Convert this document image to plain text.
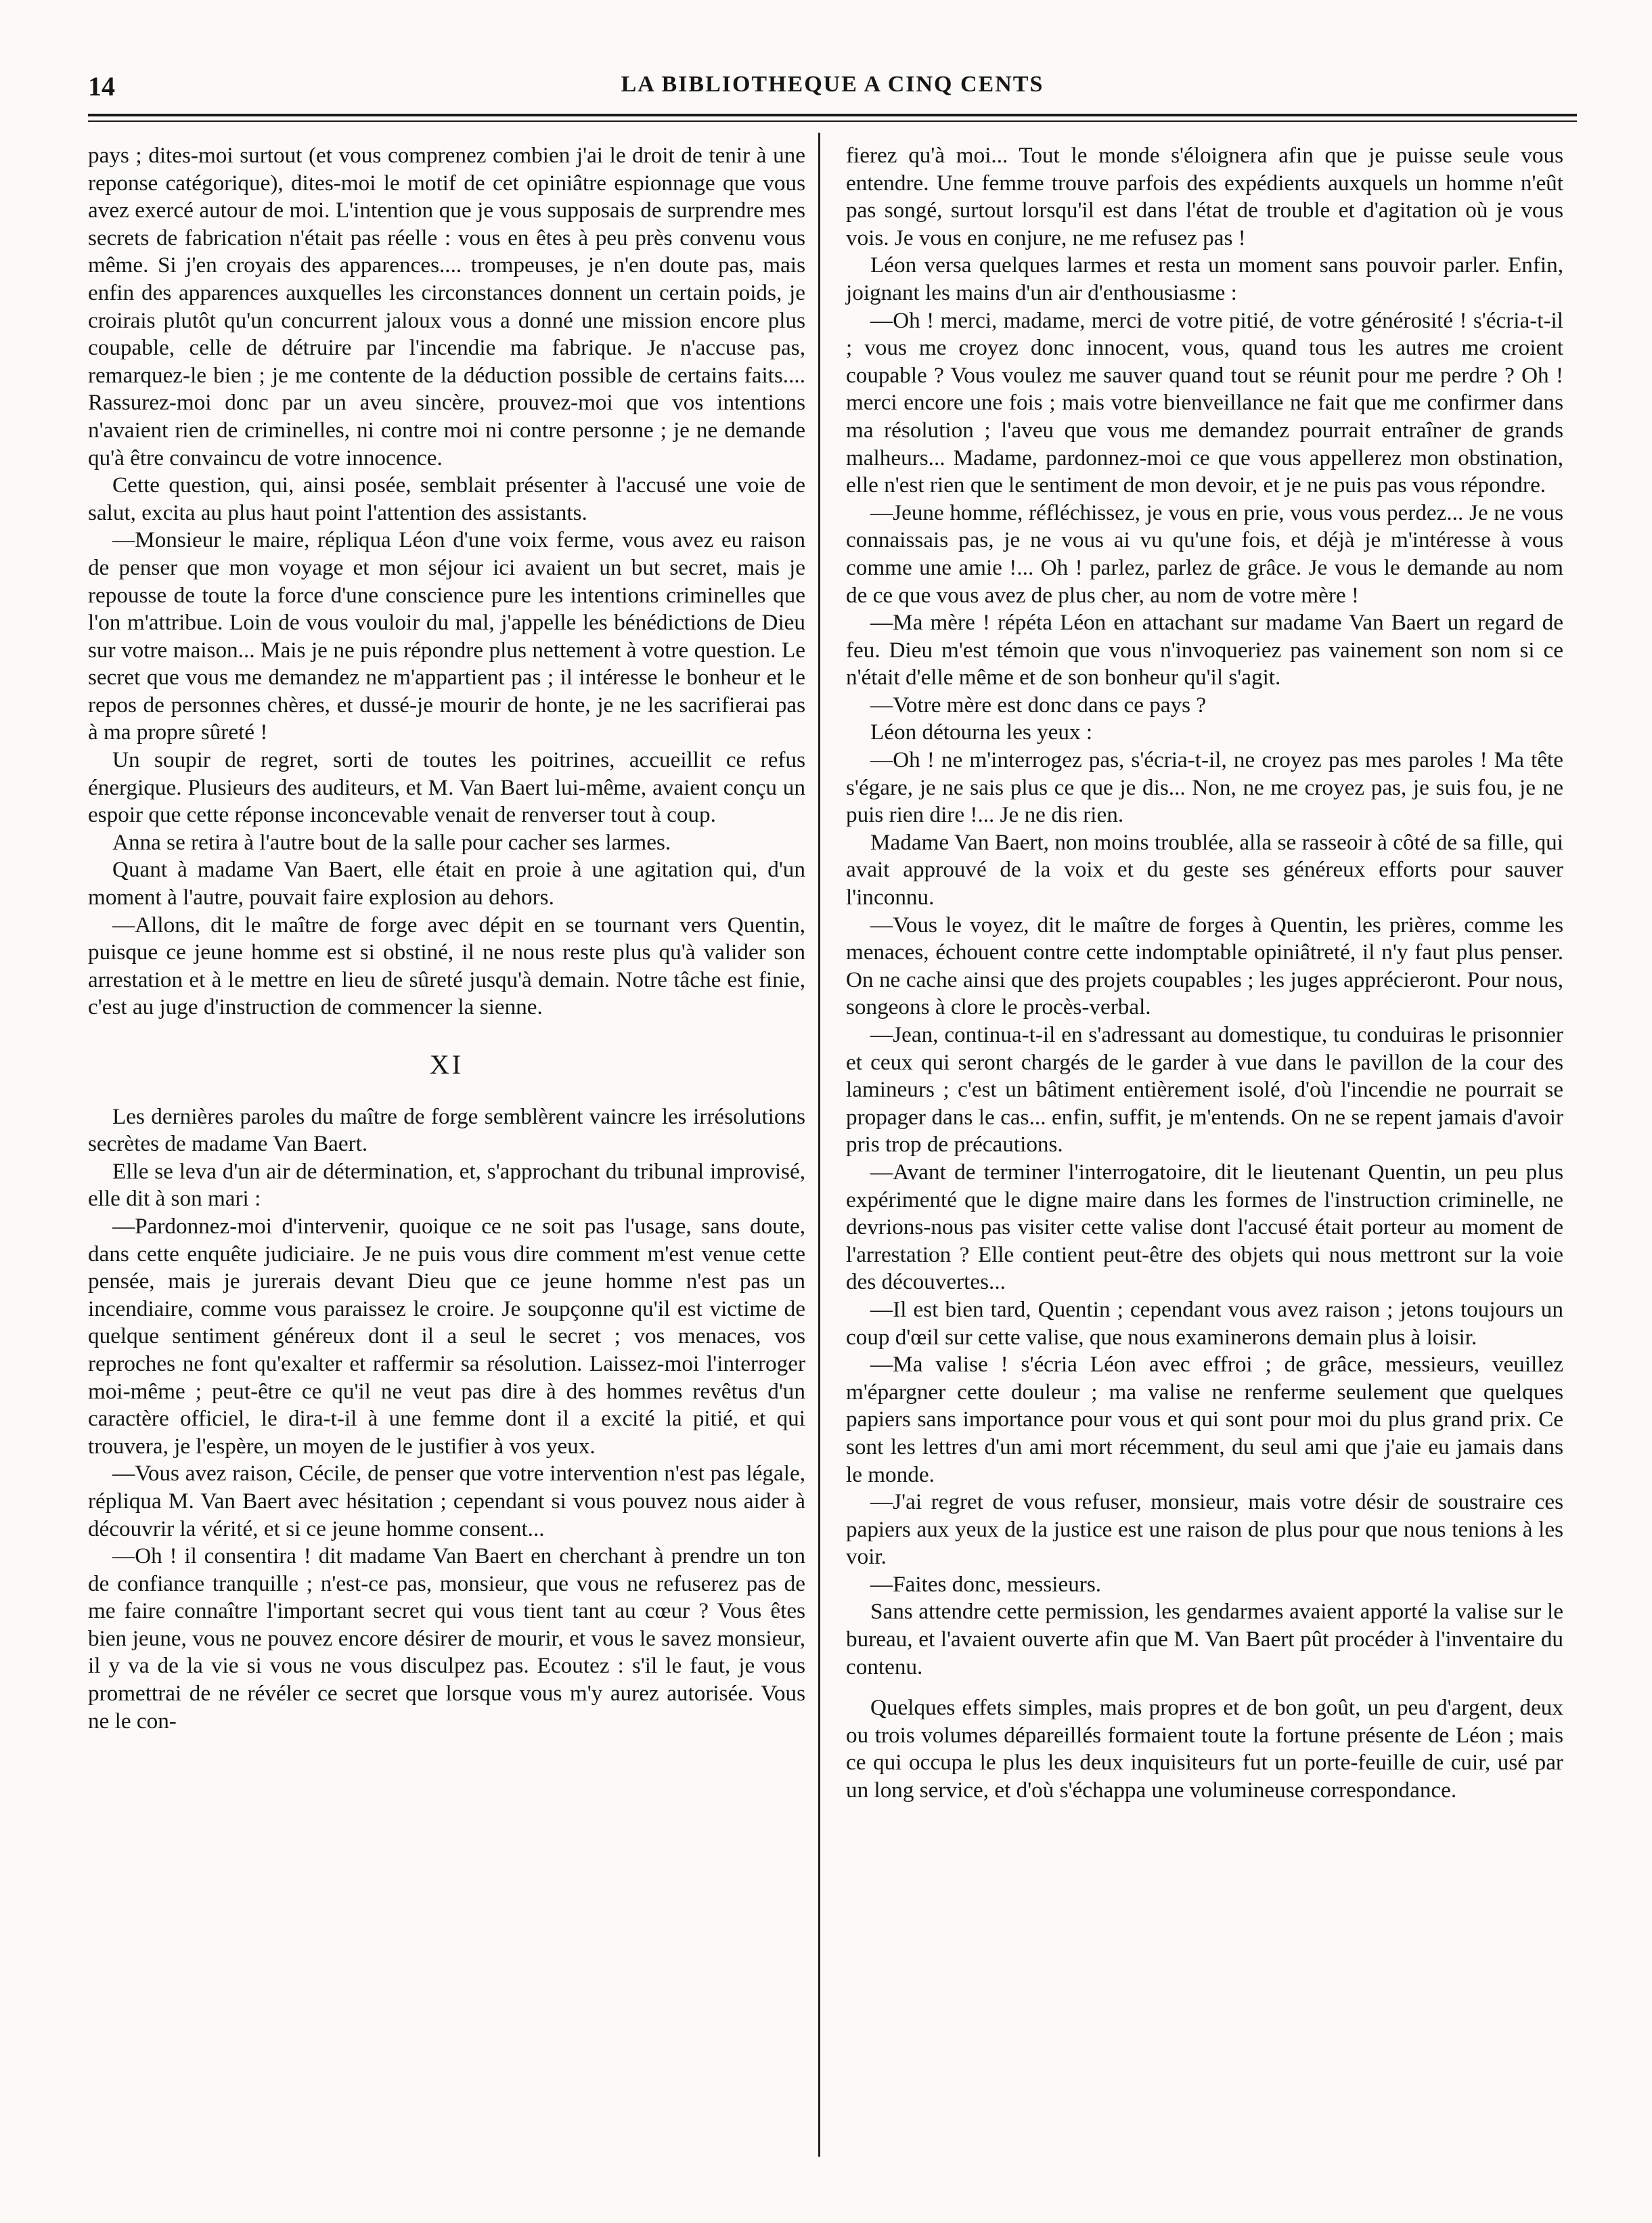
14	LA BIBLIOTHEQUE A CINQ CENTS

pays ; dites-moi surtout (et vous comprenez combien j'ai le droit de tenir à une reponse catégorique), dites-moi le motif de cet opiniâtre espionnage que vous avez exercé autour de moi. L'intention que je vous supposais de surprendre mes secrets de fabrication n'était pas réelle : vous en êtes à peu près convenu vous même. Si j'en croyais des apparences.... trompeuses, je n'en doute pas, mais enfin des apparences auxquelles les circonstances donnent un certain poids, je croirais plutôt qu'un concurrent jaloux vous a donné une mission encore plus coupable, celle de détruire par l'incendie ma fabrique. Je n'accuse pas, remarquez-le bien ; je me contente de la déduction possible de certains faits.... Rassurez-moi donc par un aveu sincère, prouvez-moi que vos intentions n'avaient rien de criminelles, ni contre moi ni contre personne ; je ne demande qu'à être convaincu de votre innocence.

Cette question, qui, ainsi posée, semblait présenter à l'accusé une voie de salut, excita au plus haut point l'attention des assistants.

—Monsieur le maire, répliqua Léon d'une voix ferme, vous avez eu raison de penser que mon voyage et mon séjour ici avaient un but secret, mais je repousse de toute la force d'une conscience pure les intentions criminelles que l'on m'attribue. Loin de vous vouloir du mal, j'appelle les bénédictions de Dieu sur votre maison... Mais je ne puis répondre plus nettement à votre question. Le secret que vous me demandez ne m'appartient pas ; il intéresse le bonheur et le repos de personnes chères, et dussé-je mourir de honte, je ne les sacrifierai pas à ma propre sûreté !

Un soupir de regret, sorti de toutes les poitrines, accueillit ce refus énergique. Plusieurs des auditeurs, et M. Van Baert lui-même, avaient conçu un espoir que cette réponse inconcevable venait de renverser tout à coup.

Anna se retira à l'autre bout de la salle pour cacher ses larmes.

Quant à madame Van Baert, elle était en proie à une agitation qui, d'un moment à l'autre, pouvait faire explosion au dehors.

—Allons, dit le maître de forge avec dépit en se tournant vers Quentin, puisque ce jeune homme est si obstiné, il ne nous reste plus qu'à valider son arrestation et à le mettre en lieu de sûreté jusqu'à demain. Notre tâche est finie, c'est au juge d'instruction de commencer la sienne.

XI

Les dernières paroles du maître de forge semblèrent vaincre les irrésolutions secrètes de madame Van Baert.

Elle se leva d'un air de détermination, et, s'approchant du tribunal improvisé, elle dit à son mari :

—Pardonnez-moi d'intervenir, quoique ce ne soit pas l'usage, sans doute, dans cette enquête judiciaire. Je ne puis vous dire comment m'est venue cette pensée, mais je jurerais devant Dieu que ce jeune homme n'est pas un incendiaire, comme vous paraissez le croire. Je soupçonne qu'il est victime de quelque sentiment généreux dont il a seul le secret ; vos menaces, vos reproches ne font qu'exalter et raffermir sa résolution. Laissez-moi l'interroger moi-même ; peut-être ce qu'il ne veut pas dire à des hommes revêtus d'un caractère officiel, le dira-t-il à une femme dont il a excité la pitié, et qui trouvera, je l'espère, un moyen de le justifier à vos yeux.

—Vous avez raison, Cécile, de penser que votre intervention n'est pas légale, répliqua M. Van Baert avec hésitation ; cependant si vous pouvez nous aider à découvrir la vérité, et si ce jeune homme consent...

—Oh ! il consentira ! dit madame Van Baert en cherchant à prendre un ton de confiance tranquille ; n'est-ce pas, monsieur, que vous ne refuserez pas de me faire connaître l'important secret qui vous tient tant au cœur ? Vous êtes bien jeune, vous ne pouvez encore désirer de mourir, et vous le savez monsieur, il y va de la vie si vous ne vous disculpez pas. Ecoutez : s'il le faut, je vous promettrai de ne révéler ce secret que lorsque vous m'y aurez autorisée. Vous ne le con-

fierez qu'à moi... Tout le monde s'éloignera afin que je puisse seule vous entendre. Une femme trouve parfois des expédients auxquels un homme n'eût pas songé, surtout lorsqu'il est dans l'état de trouble et d'agitation où je vous vois. Je vous en conjure, ne me refusez pas !

Léon versa quelques larmes et resta un moment sans pouvoir parler. Enfin, joignant les mains d'un air d'enthousiasme :

—Oh ! merci, madame, merci de votre pitié, de votre générosité ! s'écria-t-il ; vous me croyez donc innocent, vous, quand tous les autres me croient coupable ? Vous voulez me sauver quand tout se réunit pour me perdre ? Oh ! merci encore une fois ; mais votre bienveillance ne fait que me confirmer dans ma résolution ; l'aveu que vous me demandez pourrait entraîner de grands malheurs... Madame, pardonnez-moi ce que vous appellerez mon obstination, elle n'est rien que le sentiment de mon devoir, et je ne puis pas vous répondre.

—Jeune homme, réfléchissez, je vous en prie, vous vous perdez... Je ne vous connaissais pas, je ne vous ai vu qu'une fois, et déjà je m'intéresse à vous comme une amie !... Oh ! parlez, parlez de grâce. Je vous le demande au nom de ce que vous avez de plus cher, au nom de votre mère !

—Ma mère ! répéta Léon en attachant sur madame Van Baert un regard de feu. Dieu m'est témoin que vous n'invoqueriez pas vainement son nom si ce n'était d'elle même et de son bonheur qu'il s'agit.

—Votre mère est donc dans ce pays ?

Léon détourna les yeux :

—Oh ! ne m'interrogez pas, s'écria-t-il, ne croyez pas mes paroles ! Ma tête s'égare, je ne sais plus ce que je dis... Non, ne me croyez pas, je suis fou, je ne puis rien dire !... Je ne dis rien.

Madame Van Baert, non moins troublée, alla se rasseoir à côté de sa fille, qui avait approuvé de la voix et du geste ses généreux efforts pour sauver l'inconnu.

—Vous le voyez, dit le maître de forges à Quentin, les prières, comme les menaces, échouent contre cette indomptable opiniâtreté, il n'y faut plus penser. On ne cache ainsi que des projets coupables ; les juges apprécieront. Pour nous, songeons à clore le procès-verbal.

—Jean, continua-t-il en s'adressant au domestique, tu conduiras le prisonnier et ceux qui seront chargés de le garder à vue dans le pavillon de la cour des lamineurs ; c'est un bâtiment entièrement isolé, d'où l'incendie ne pourrait se propager dans le cas... enfin, suffit, je m'entends. On ne se repent jamais d'avoir pris trop de précautions.

—Avant de terminer l'interrogatoire, dit le lieutenant Quentin, un peu plus expérimenté que le digne maire dans les formes de l'instruction criminelle, ne devrions-nous pas visiter cette valise dont l'accusé était porteur au moment de l'arrestation ? Elle contient peut-être des objets qui nous mettront sur la voie des découvertes...

—Il est bien tard, Quentin ; cependant vous avez raison ; jetons toujours un coup d'œil sur cette valise, que nous examinerons demain plus à loisir.

—Ma valise ! s'écria Léon avec effroi ; de grâce, messieurs, veuillez m'épargner cette douleur ; ma valise ne renferme seulement que quelques papiers sans importance pour vous et qui sont pour moi du plus grand prix. Ce sont les lettres d'un ami mort récemment, du seul ami que j'aie eu jamais dans le monde.

—J'ai regret de vous refuser, monsieur, mais votre désir de soustraire ces papiers aux yeux de la justice est une raison de plus pour que nous tenions à les voir.

—Faites donc, messieurs.

Sans attendre cette permission, les gendarmes avaient apporté la valise sur le bureau, et l'avaient ouverte afin que M. Van Baert pût procéder à l'inventaire du contenu.

Quelques effets simples, mais propres et de bon goût, un peu d'argent, deux ou trois volumes dépareillés formaient toute la fortune présente de Léon ; mais ce qui occupa le plus les deux inquisiteurs fut un porte-feuille de cuir, usé par un long service, et d'où s'échappa une volumineuse correspondance.
